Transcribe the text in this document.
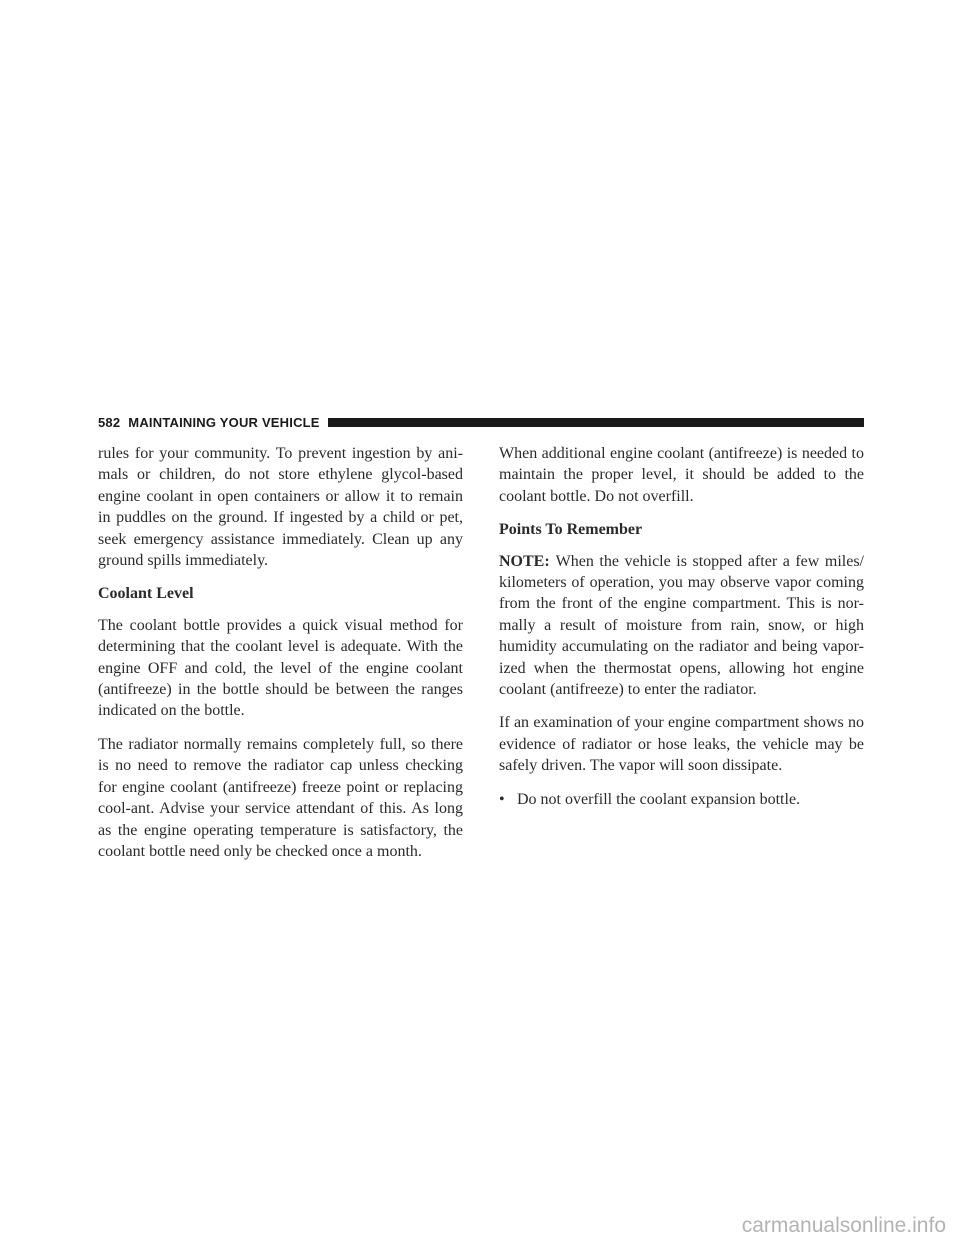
582 MAINTAINING YOUR VEHICLE

rules for your community. To prevent ingestion by ani-mals or children, do not store ethylene glycol-based engine coolant in open containers or allow it to remain in puddles on the ground. If ingested by a child or pet, seek emergency assistance immediately. Clean up any ground spills immediately.

Coolant Level

The coolant bottle provides a quick visual method for determining that the coolant level is adequate. With the engine OFF and cold, the level of the engine coolant (antifreeze) in the bottle should be between the ranges indicated on the bottle.

The radiator normally remains completely full, so there is no need to remove the radiator cap unless checking for engine coolant (antifreeze) freeze point or replacing cool-ant. Advise your service attendant of this. As long as the engine operating temperature is satisfactory, the coolant bottle need only be checked once a month.

When additional engine coolant (antifreeze) is needed to maintain the proper level, it should be added to the coolant bottle. Do not overfill.

Points To Remember

NOTE: When the vehicle is stopped after a few miles/ kilometers of operation, you may observe vapor coming from the front of the engine compartment. This is nor-mally a result of moisture from rain, snow, or high humidity accumulating on the radiator and being vapor-ized when the thermostat opens, allowing hot engine coolant (antifreeze) to enter the radiator.

If an examination of your engine compartment shows no evidence of radiator or hose leaks, the vehicle may be safely driven. The vapor will soon dissipate.

• Do not overfill the coolant expansion bottle.
carmanualsonline.info
